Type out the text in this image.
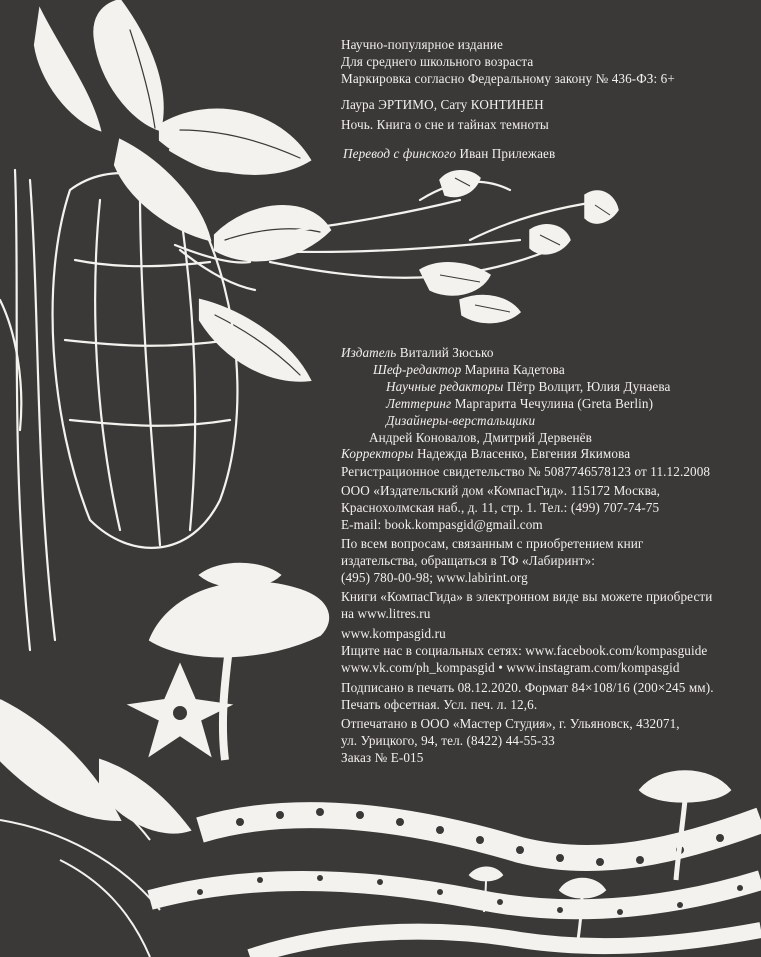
Научно-популярное издание
Для среднего школьного возраста
Маркировка согласно Федеральному закону № 436-ФЗ: 6+
Лаура ЭРТИМО, Сату КОНТИНЕН
Ночь. Книга о сне и тайнах темноты
Перевод с финского Иван Прилежаев
Издатель Виталий Зюсько
Шеф-редактор Марина Кадетова
Научные редакторы Пётр Волцит, Юлия Дунаева
Леттеринг Маргарита Чечулина (Greta Berlin)
Дизайнеры-верстальщики
Андрей Коновалов, Дмитрий Дервенёв
Корректоры Надежда Власенко, Евгения Якимова
Регистрационное свидетельство № 5087746578123 от 11.12.2008
ООО «Издательский дом «КомпасГид». 115172 Москва,
Краснохолмская наб., д. 11, стр. 1. Тел.: (499) 707-74-75
E-mail: book.kompasgid@gmail.com
По всем вопросам, связанным с приобретением книг
издательства, обращаться в ТФ «Лабиринт»:
(495) 780-00-98; www.labirint.org
Книги «КомпасГида» в электронном виде вы можете приобрести
на www.litres.ru
www.kompasgid.ru
Ищите нас в социальных сетях: www.facebook.com/kompasguide
www.vk.com/ph_kompasgid • www.instagram.com/kompasgid
Подписано в печать 08.12.2020. Формат 84×108/16 (200×245 мм).
Печать офсетная. Усл. печ. л. 12,6.
Отпечатано в ООО «Мастер Студия», г. Ульяновск, 432071,
ул. Урицкого, 94, тел. (8422) 44-55-33
Заказ № Е-015
